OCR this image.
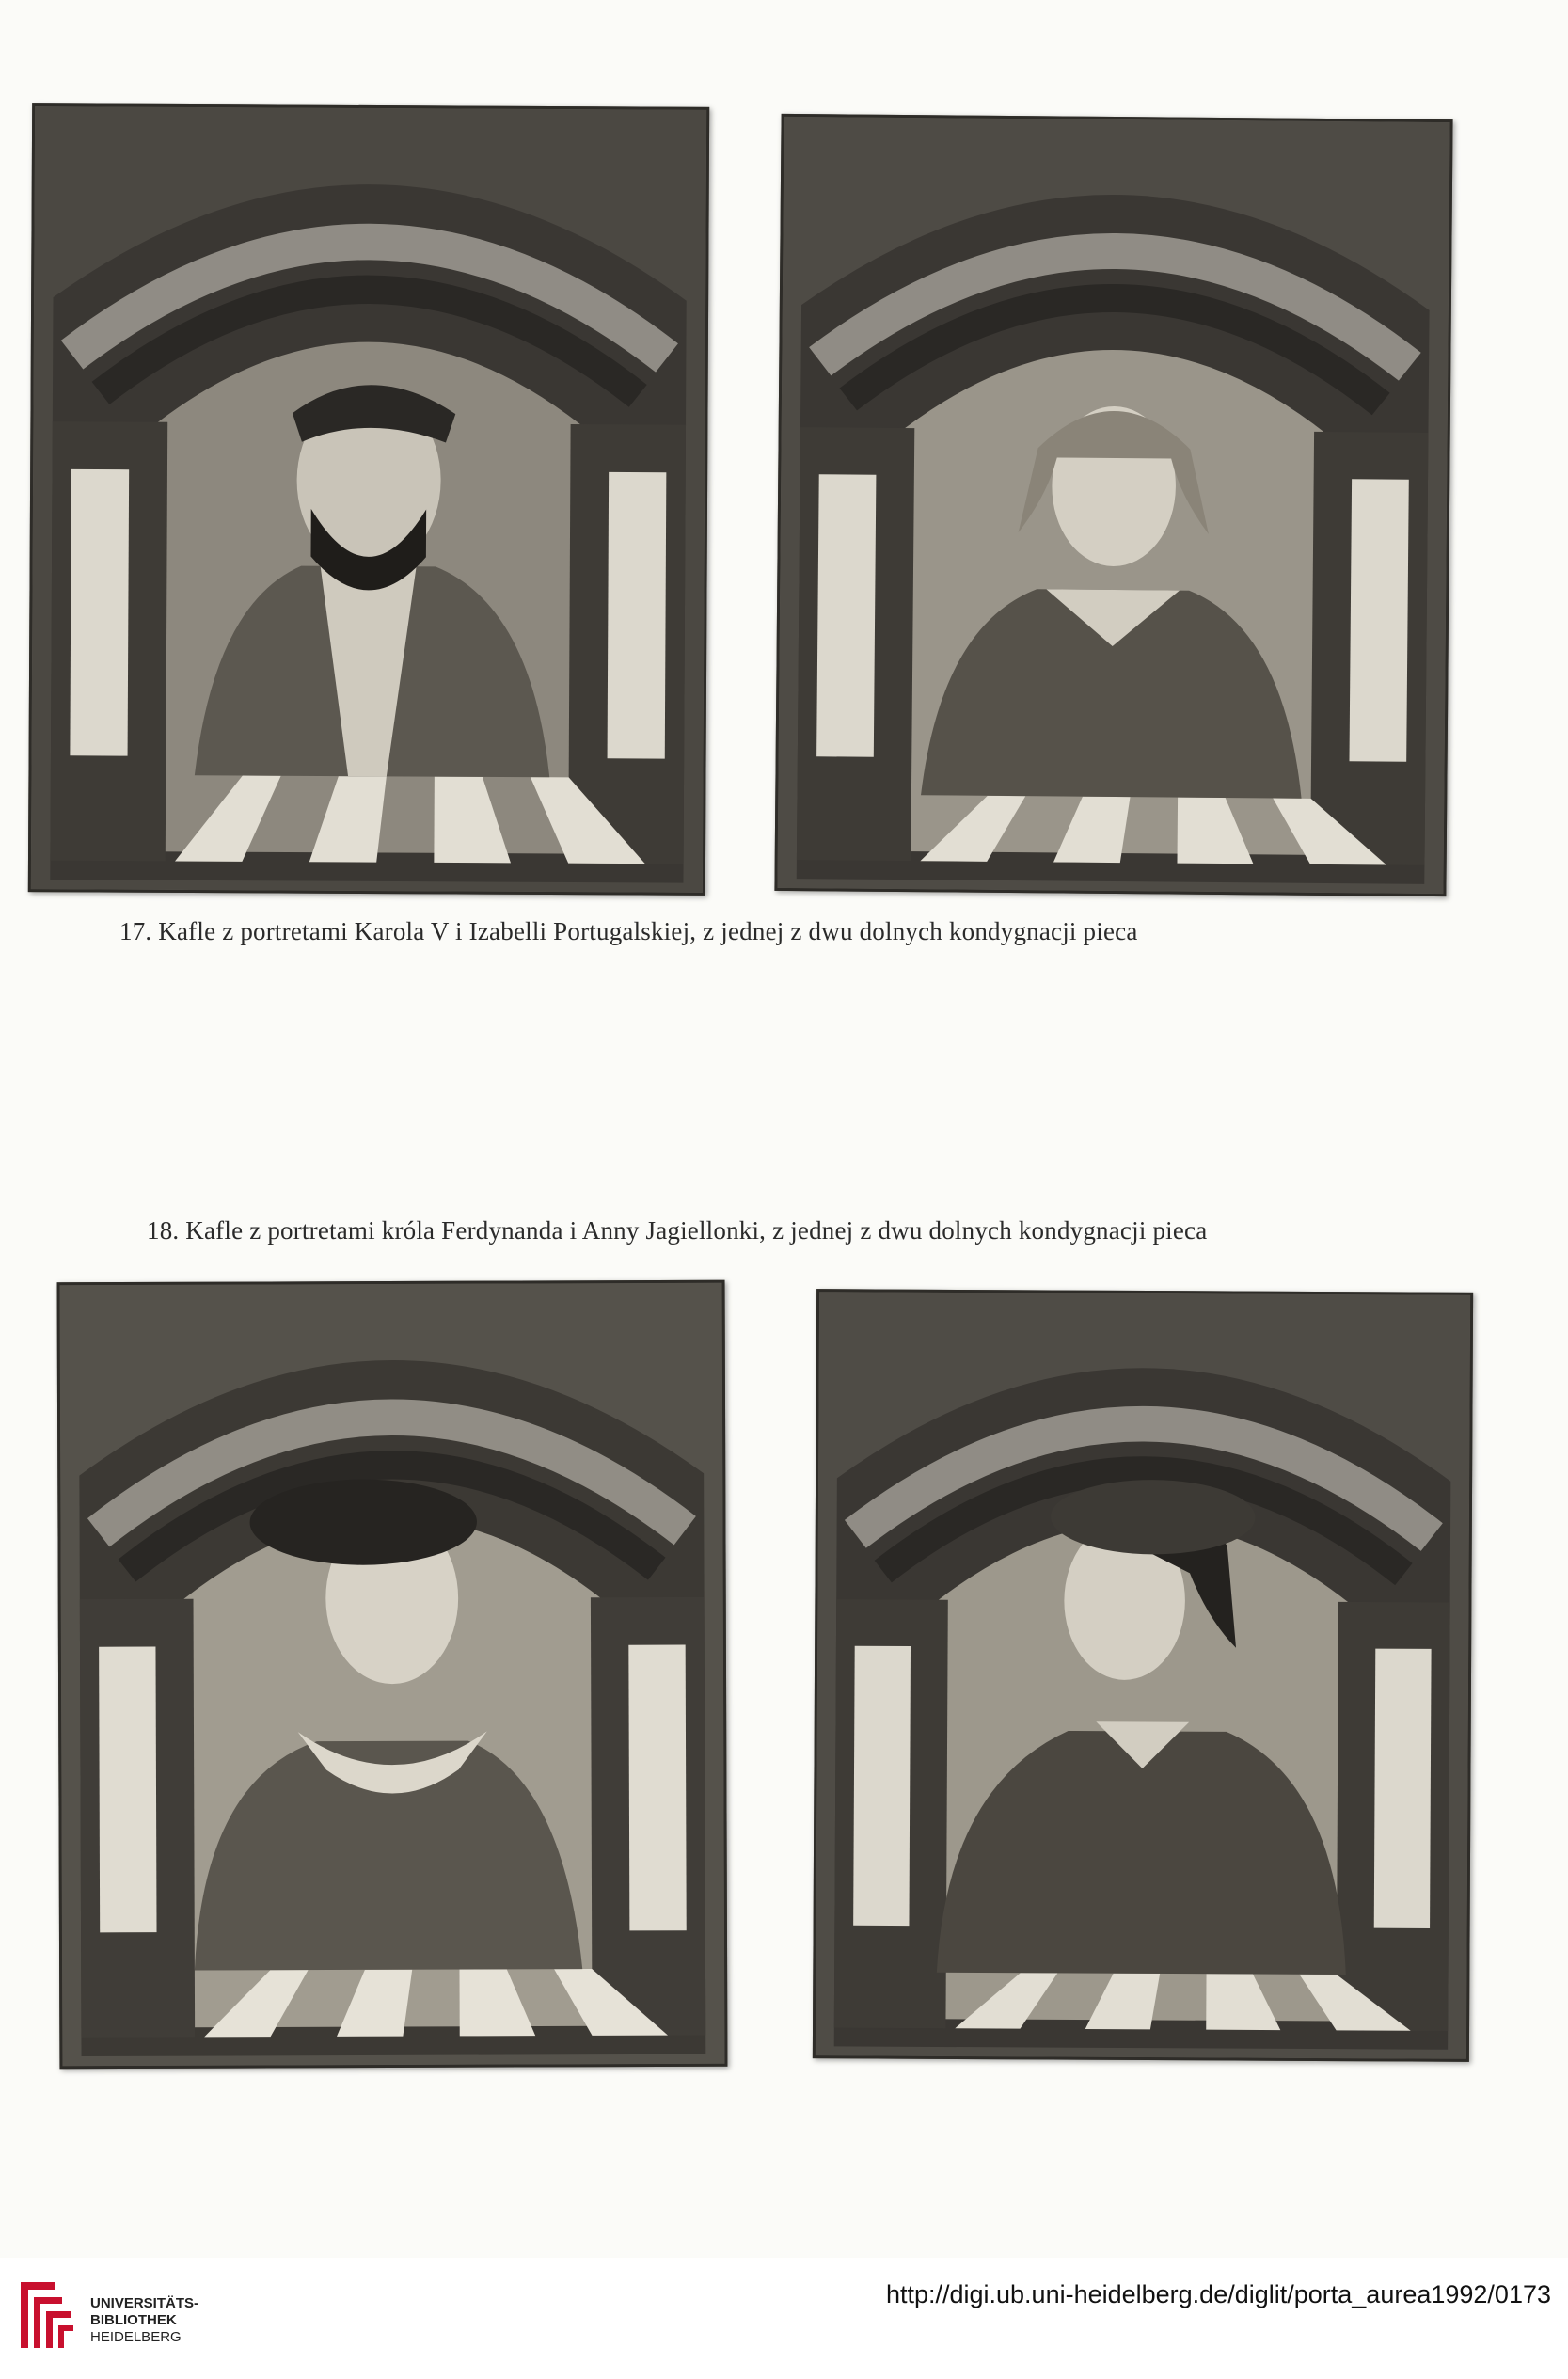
17. Kafle z portretami Karola V i Izabelli Portugalskiej, z jednej z dwu dolnych kondygnacji pieca
18. Kafle z portretami króla Ferdynanda i Anny Jagiellonki, z jednej z dwu dolnych kondygnacji pieca
UNIVERSITÄTS-
BIBLIOTHEK
HEIDELBERG
http://digi.ub.uni-heidelberg.de/diglit/porta_aurea1992/0173
